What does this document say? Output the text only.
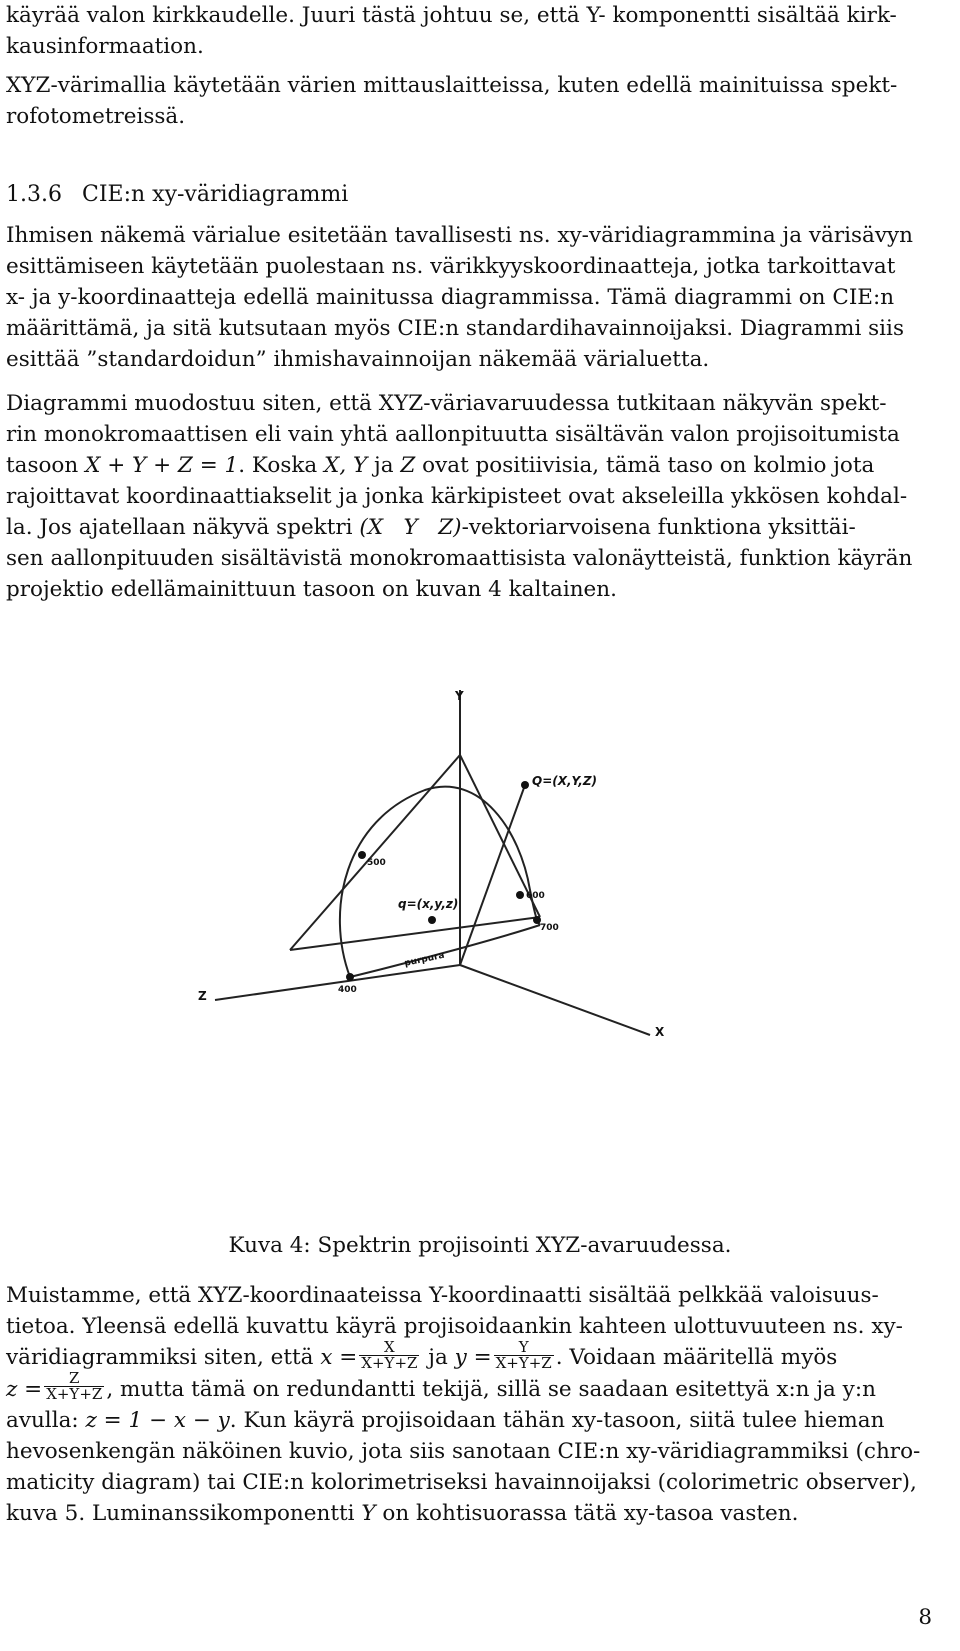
käyrää valon kirkkaudelle. Juuri tästä johtuu se, että Y- komponentti sisältää kirk-
kausinformaation.
XYZ-värimallia käytetään värien mittauslaitteissa, kuten edellä mainituissa spekt-
rofotometreissä.
1.3.6 CIE:n xy-väridiagrammi
Ihmisen näkemä värialue esitetään tavallisesti ns. xy-väridiagrammina ja värisävyn
esittämiseen käytetään puolestaan ns. värikkyyskoordinaatteja, jotka tarkoittavat
x- ja y-koordinaatteja edellä mainitussa diagrammissa. Tämä diagrammi on CIE:n
määrittämä, ja sitä kutsutaan myös CIE:n standardihavainnoijaksi. Diagrammi siis
esittää ”standardoidun” ihmishavainnoijan näkemää värialuetta.
Diagrammi muodostuu siten, että XYZ-väriavaruudessa tutkitaan näkyvän spekt-
rin monokromaattisen eli vain yhtä aallonpituutta sisältävän valon projisoitumista
tasoon X + Y + Z = 1. Koska X, Y ja Z ovat positiivisia, tämä taso on kolmio jota
rajoittavat koordinaattiakselit ja jonka kärkipisteet ovat akseleilla ykkösen kohdal-
la. Jos ajatellaan näkyvä spektri (X   Y   Z)-vektoriarvoisena funktiona yksittäi-
sen aallonpituuden sisältävistä monokromaattisista valonäytteistä, funktion käyrän
projektio edellämainittuun tasoon on kuvan 4 kaltainen.
Y
X
Z
Q=(X,Y,Z)
q=(x,y,z)
500
600
700
400
purpura
Kuva 4: Spektrin projisointi XYZ-avaruudessa.
Muistamme, että XYZ-koordinaateissa Y-koordinaatti sisältää pelkkää valoisuus-
tietoa. Yleensä edellä kuvattu käyrä projisoidaankin kahteen ulottuvuuteen ns. xy-
väridiagrammiksi siten, että $x = \frac{X}{X+Y+Z}$ ja $y = \frac{Y}{X+Y+Z}$ . Voidaan määritellä myös
$z = \frac{Z}{X+Y+Z}$ , mutta tämä on redundantti tekijä, sillä se saadaan esitettyä x:n ja y:n
avulla: z = 1 − x − y. Kun käyrä projisoidaan tähän xy-tasoon, siitä tulee hieman
hevosenkengän näköinen kuvio, jota siis sanotaan CIE:n xy-väridiagrammiksi (chro-
maticity diagram) tai CIE:n kolorimetriseksi havainnoijaksi (colorimetric observer),
kuva 5. Luminanssikomponentti Y on kohtisuorassa tätä xy-tasoa vasten.
8
